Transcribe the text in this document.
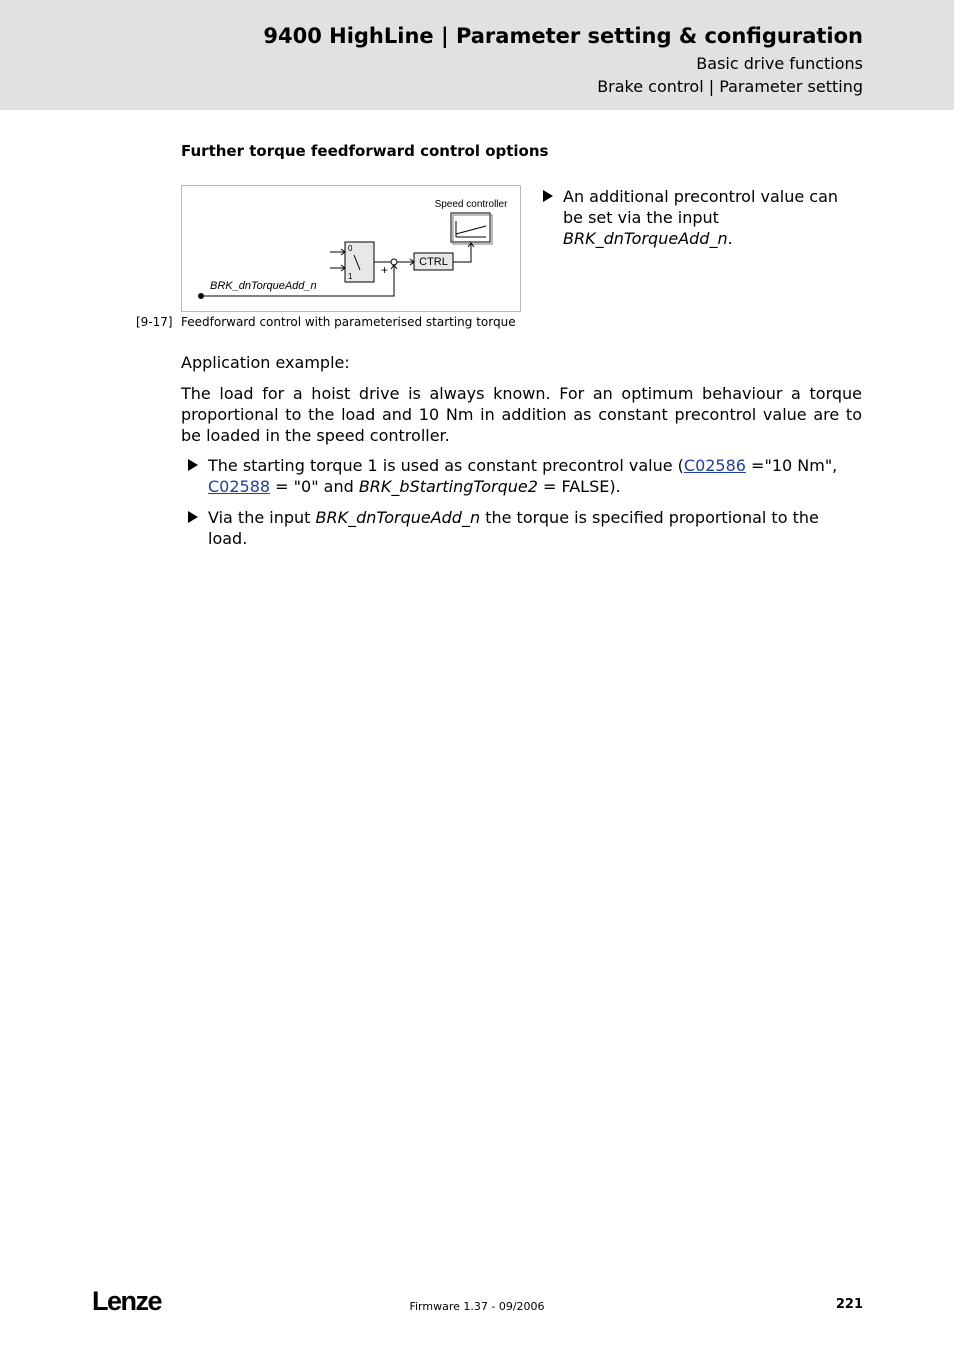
9400 HighLine | Parameter setting & configuration
Basic drive functions
Brake control | Parameter setting
Further torque feedforward control options
Speed controller
0
1 +
CTRL
BRK_dnTorqueAdd_n
[9-17] Feedforward control with parameterised starting torque
An additional precontrol value can be set via the input BRK_dnTorqueAdd_n.
Application example:
The load for a hoist drive is always known. For an optimum behaviour a torque proportional to the load and 10 Nm in addition as constant precontrol value are to be loaded in the speed controller.
The starting torque 1 is used as constant precontrol value (C02586 ="10 Nm", C02588 = "0" and BRK_bStartingTorque2 = FALSE).
Via the input BRK_dnTorqueAdd_n the torque is specified proportional to the load.
Lenze	Firmware 1.37 - 09/2006	221
